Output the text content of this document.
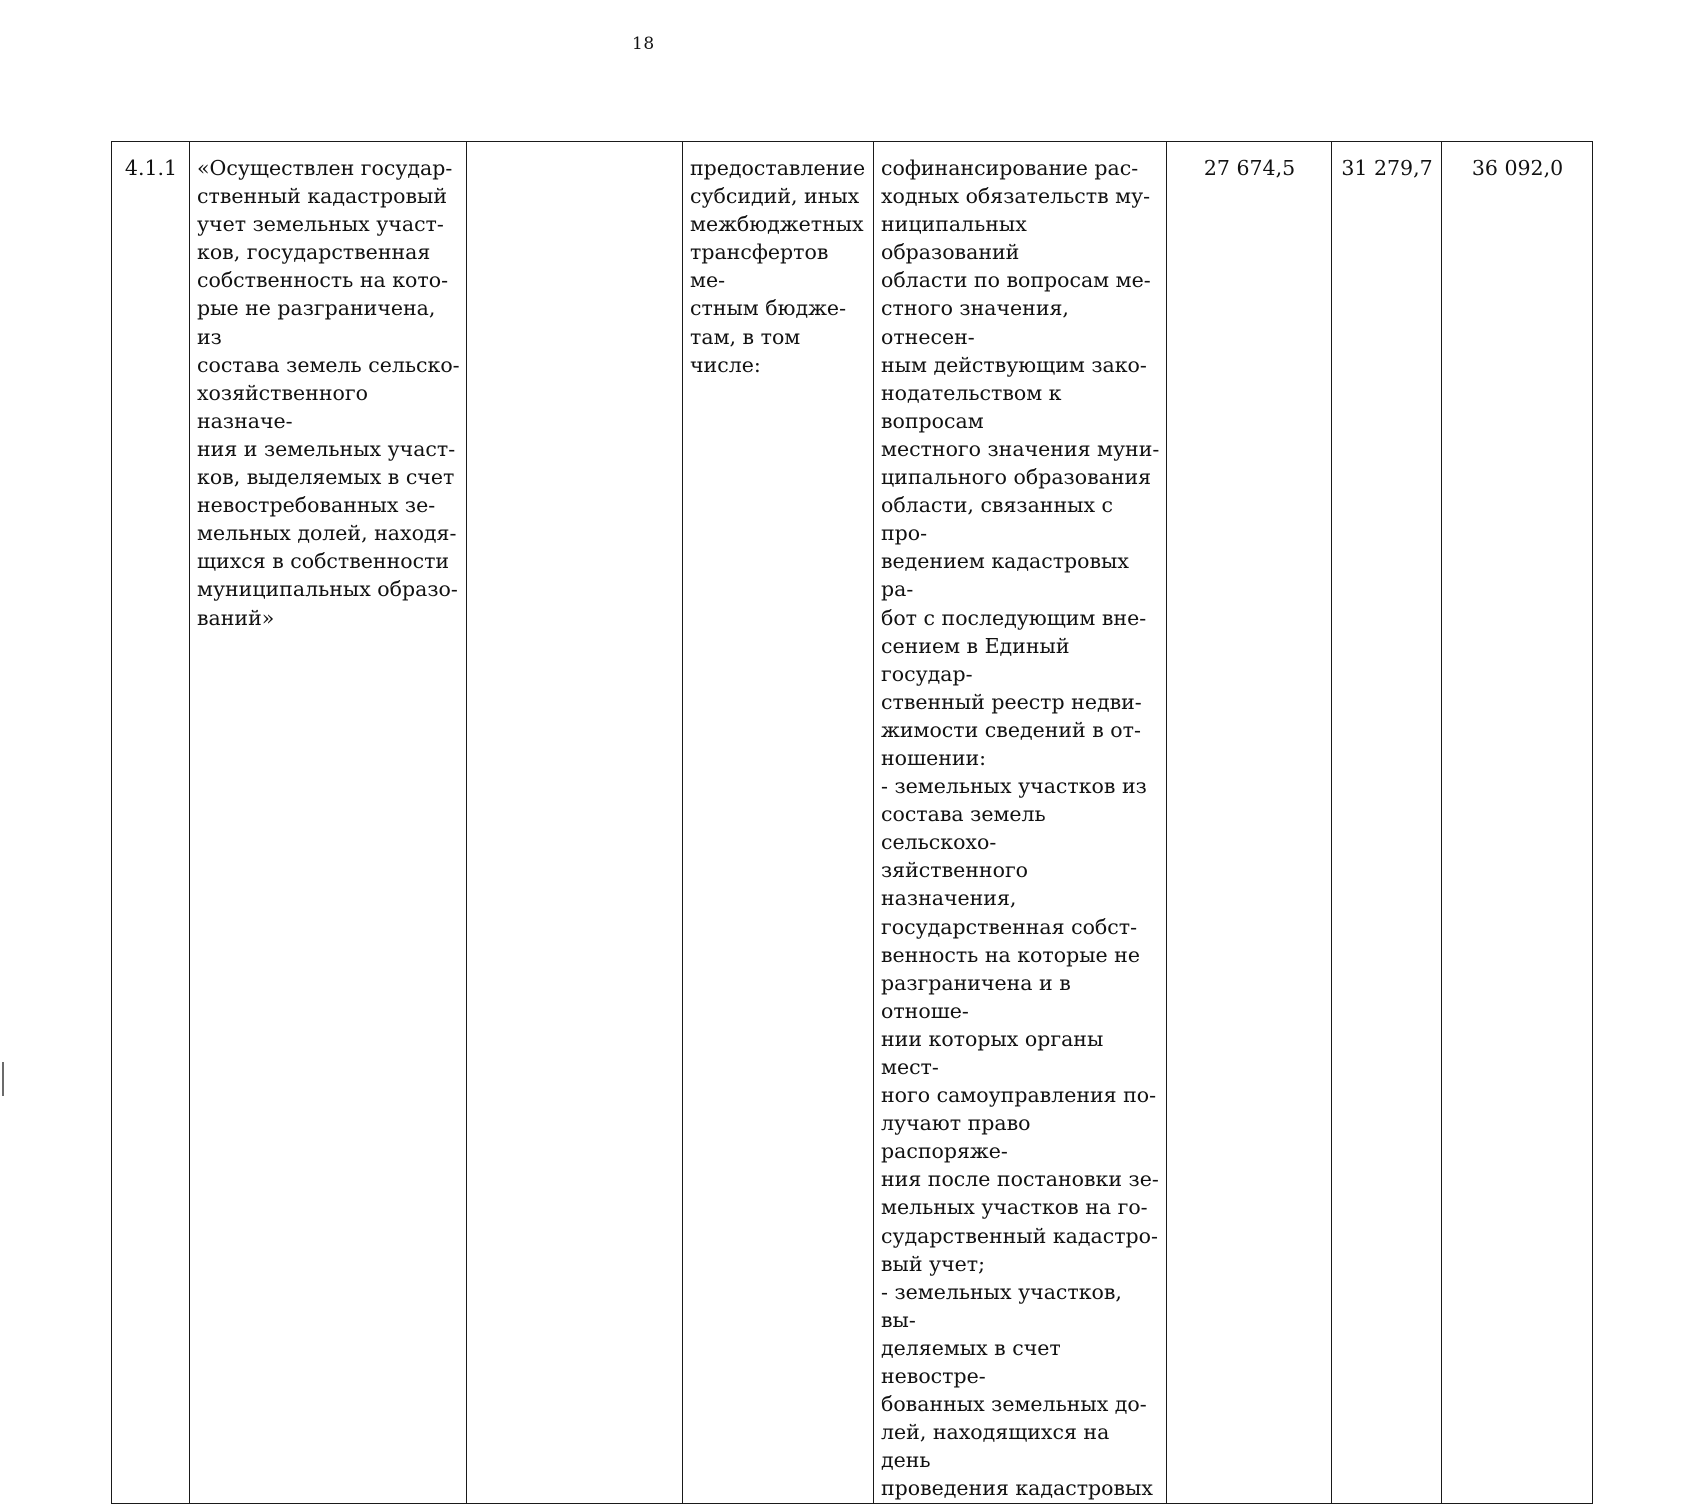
18
4.1.1	«Осуществлен государ-
ственный кадастровый
учет земельных участ-
ков, государственная
собственность на кото-
рые не разграничена, из
состава земель сельско-
хозяйственного назначе-
ния и земельных участ-
ков, выделяемых в счет
невостребованных зе-
мельных долей, находя-
щихся в собственности
муниципальных образо-
ваний»		предоставление
субсидий, иных
межбюджетных
трансфертов ме-
стным бюдже-
там, в том числе:	софинансирование рас-
ходных обязательств му-
ниципальных образований
области по вопросам ме-
стного значения, отнесен-
ным действующим зако-
нодательством к вопросам
местного значения муни-
ципального образования
области, связанных с про-
ведением кадастровых ра-
бот с последующим вне-
сением в Единый государ-
ственный реестр недви-
жимости сведений в от-
ношении:
- земельных участков из
состава земель сельскохо-
зяйственного назначения,
государственная собст-
венность на которые не
разграничена и в отноше-
нии которых органы мест-
ного самоуправления по-
лучают право распоряже-
ния после постановки зе-
мельных участков на го-
сударственный кадастро-
вый учет;
- земельных участков, вы-
деляемых в счет невостре-
бованных земельных до-
лей, находящихся на день
проведения кадастровых	27 674,5	31 279,7	36 092,0
